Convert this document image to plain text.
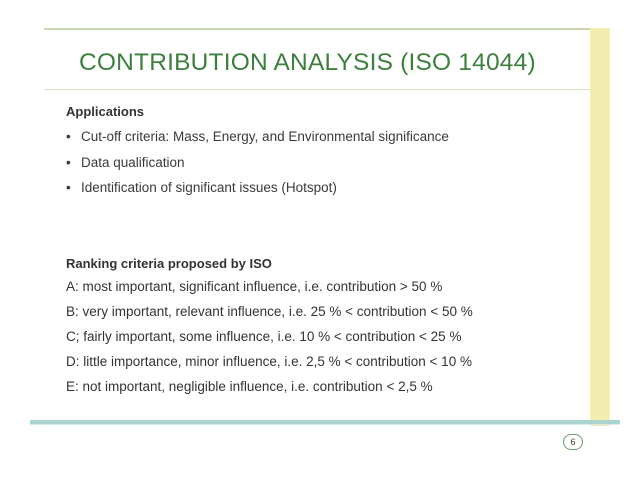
CONTRIBUTION ANALYSIS (ISO 14044)
Applications
• Cut-off criteria: Mass, Energy, and Environmental significance
• Data qualification
• Identification of significant issues (Hotspot)
Ranking criteria proposed by ISO
A: most important, significant influence, i.e. contribution > 50 %
B: very important, relevant influence, i.e. 25 % < contribution < 50 %
C; fairly important, some influence, i.e. 10 % < contribution < 25 %
D: little importance, minor influence, i.e. 2,5 % < contribution < 10 %
E: not important, negligible influence, i.e. contribution < 2,5 %
6
